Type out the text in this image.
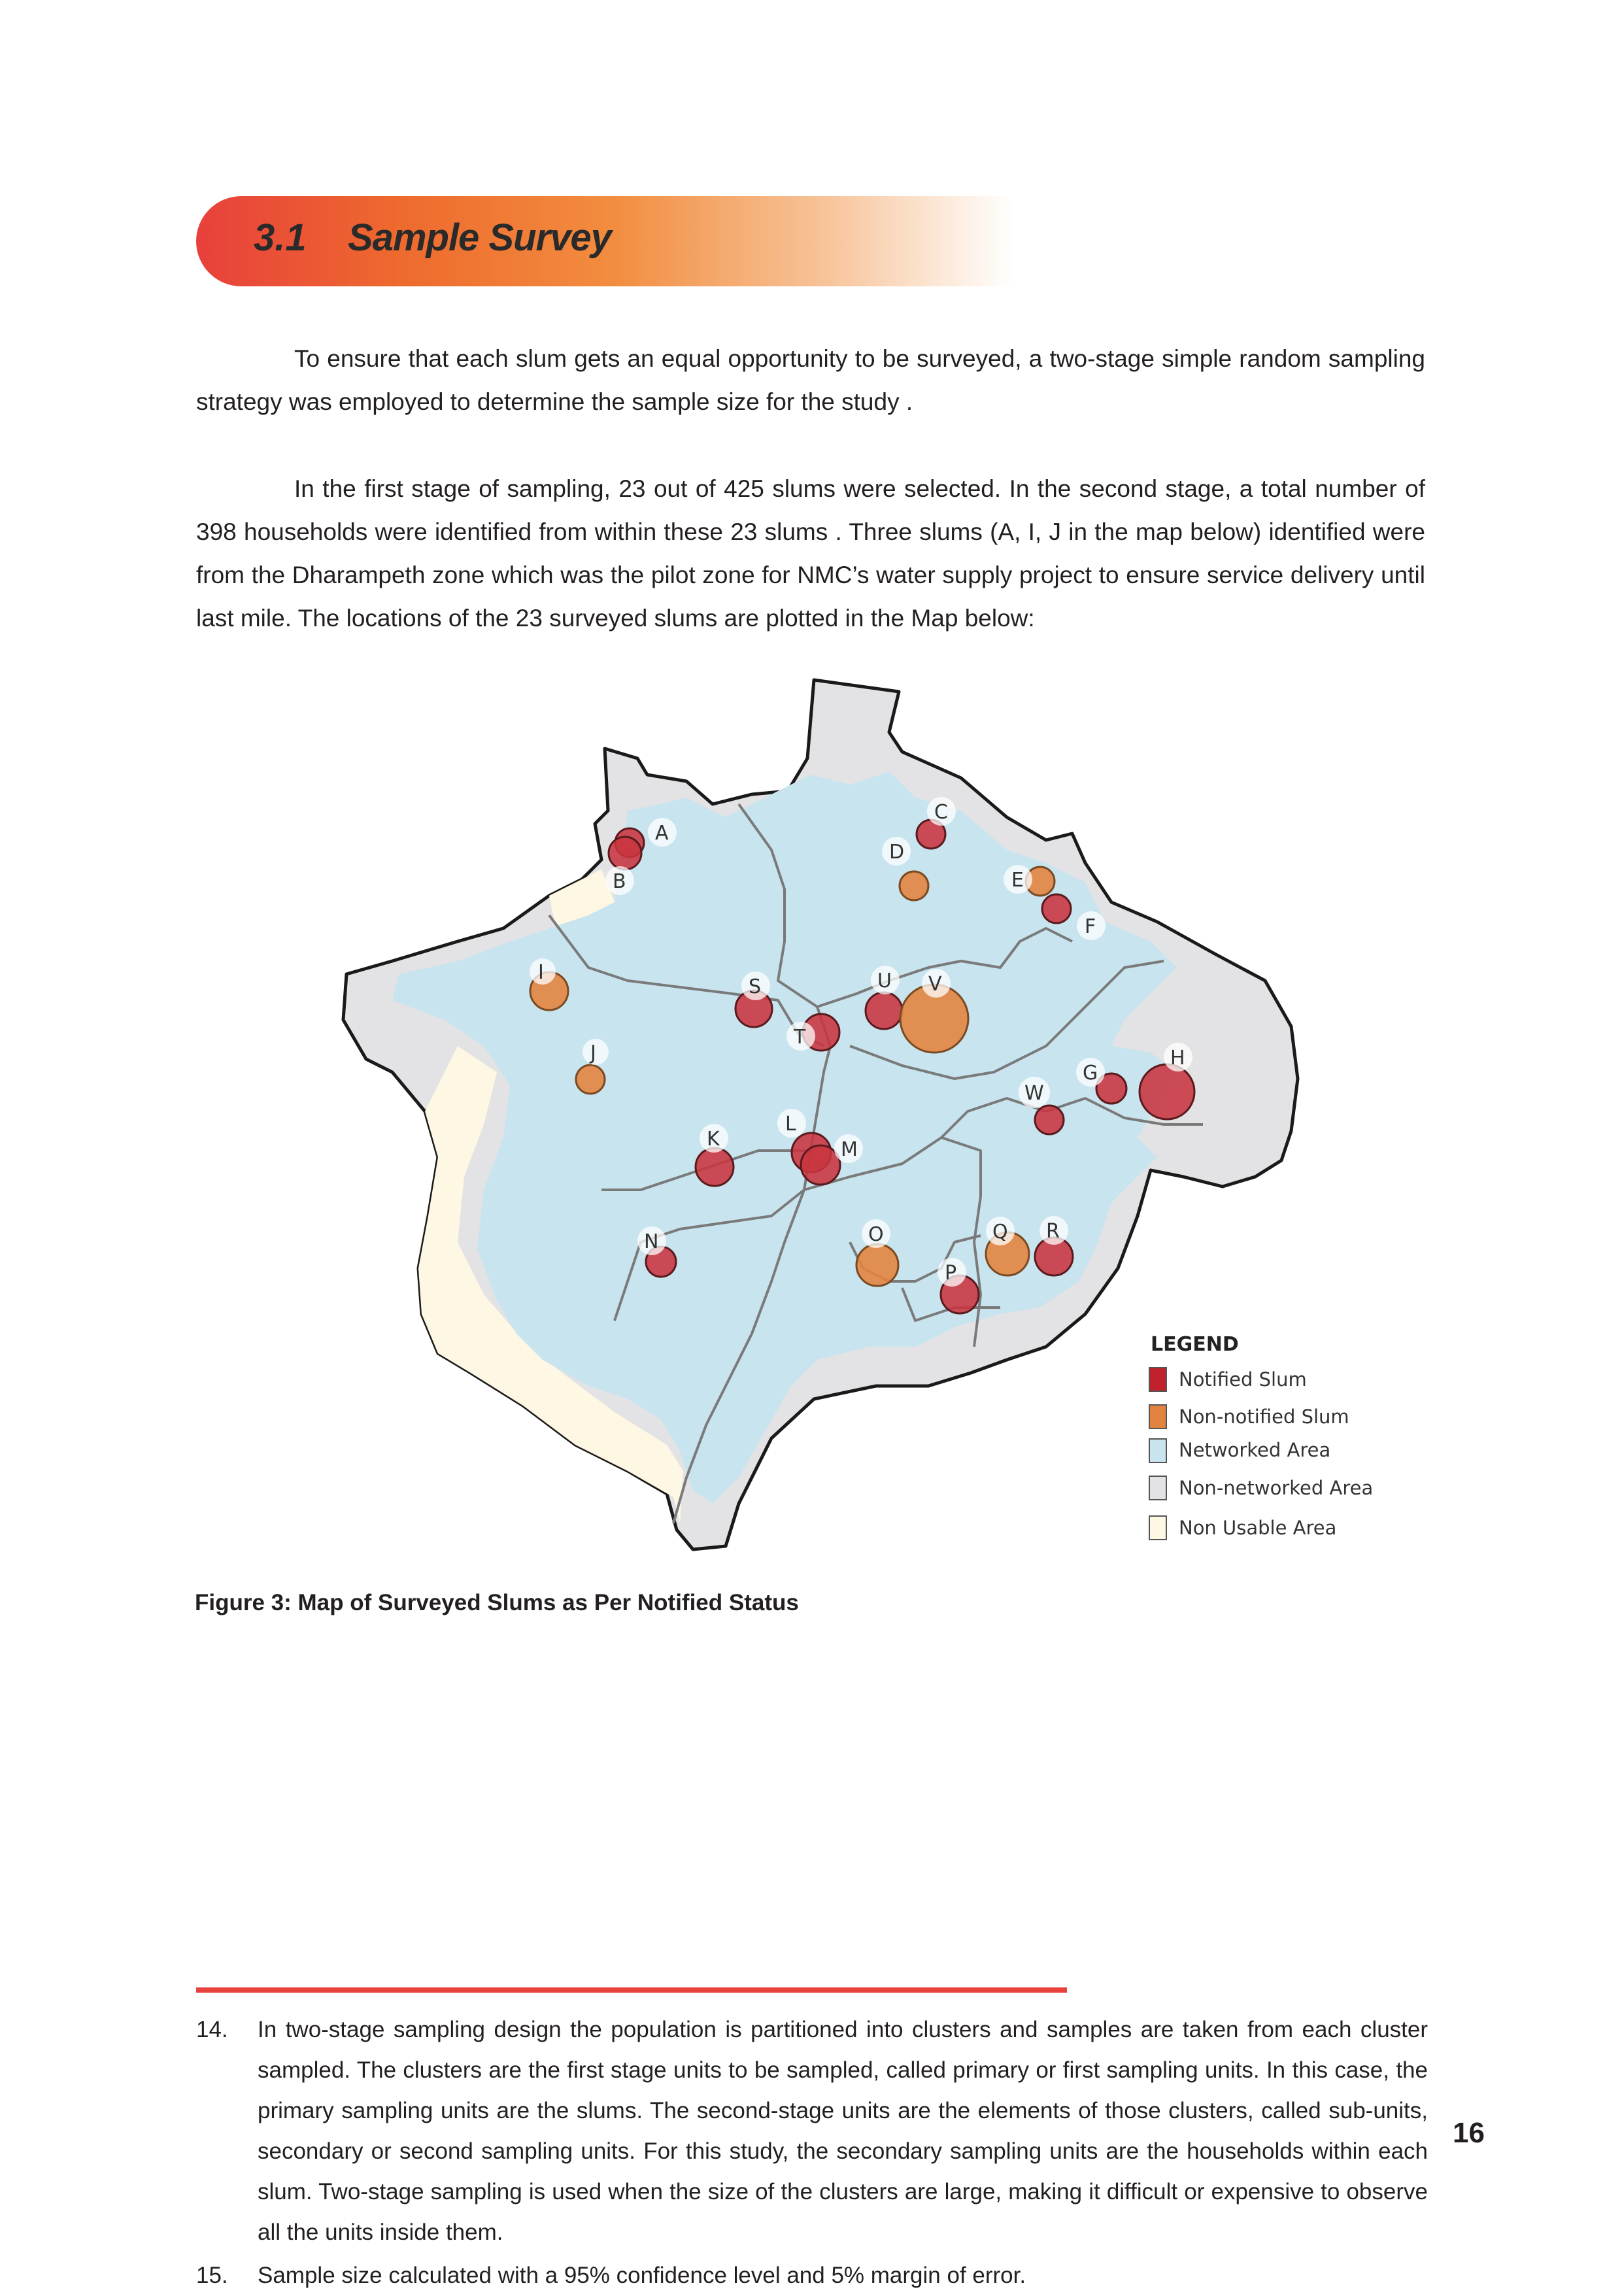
3.1 Sample Survey
To ensure that each slum gets an equal opportunity to be surveyed, a two-stage simple random sampling strategy was employed to determine the sample size for the study .
In the first stage of sampling, 23 out of 425 slums were selected. In the second stage, a total number of 398 households were identified from within these 23 slums . Three slums (A, I, J in the map below) identified were from the Dharampeth zone which was the pilot zone for NMC’s water supply project to ensure service delivery until last mile. The locations of the 23 surveyed slums are plotted in the Map below:
A
B
C
D
E
F
G
H
I
J
K
L
M
N	O
P
Q R
S
T
U V
W
LEGEND
Notified Slum
Non-notified Slum
Networked Area
Non-networked Area
Non Usable Area
Figure 3: Map of Surveyed Slums as Per Notified Status
14. In two-stage sampling design the population is partitioned into clusters and samples are taken from each cluster sampled. The clusters are the first stage units to be sampled, called primary or first sampling units. In this case, the primary sampling units are the slums. The second-stage units are the elements of those clusters, called sub-units, secondary or second sampling units. For this study, the secondary sampling units are the households within each slum. Two-stage sampling is used when the size of the clusters are large, making it difficult or expensive to observe all the units inside them.
15. Sample size calculated with a 95% confidence level and 5% margin of error.
16
